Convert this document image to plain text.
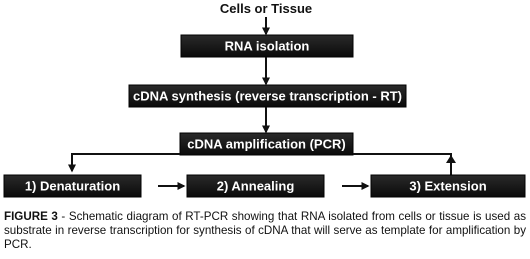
Cells or Tissue
RNA isolation
cDNA synthesis (reverse transcription - RT)
cDNA amplification (PCR)
1) Denaturation	2) Annealing	3) Extension

FIGURE 3 - Schematic diagram of RT-PCR showing that RNA isolated from cells or tissue is used as substrate in reverse transcription for synthesis of cDNA that will serve as template for amplification by PCR.
